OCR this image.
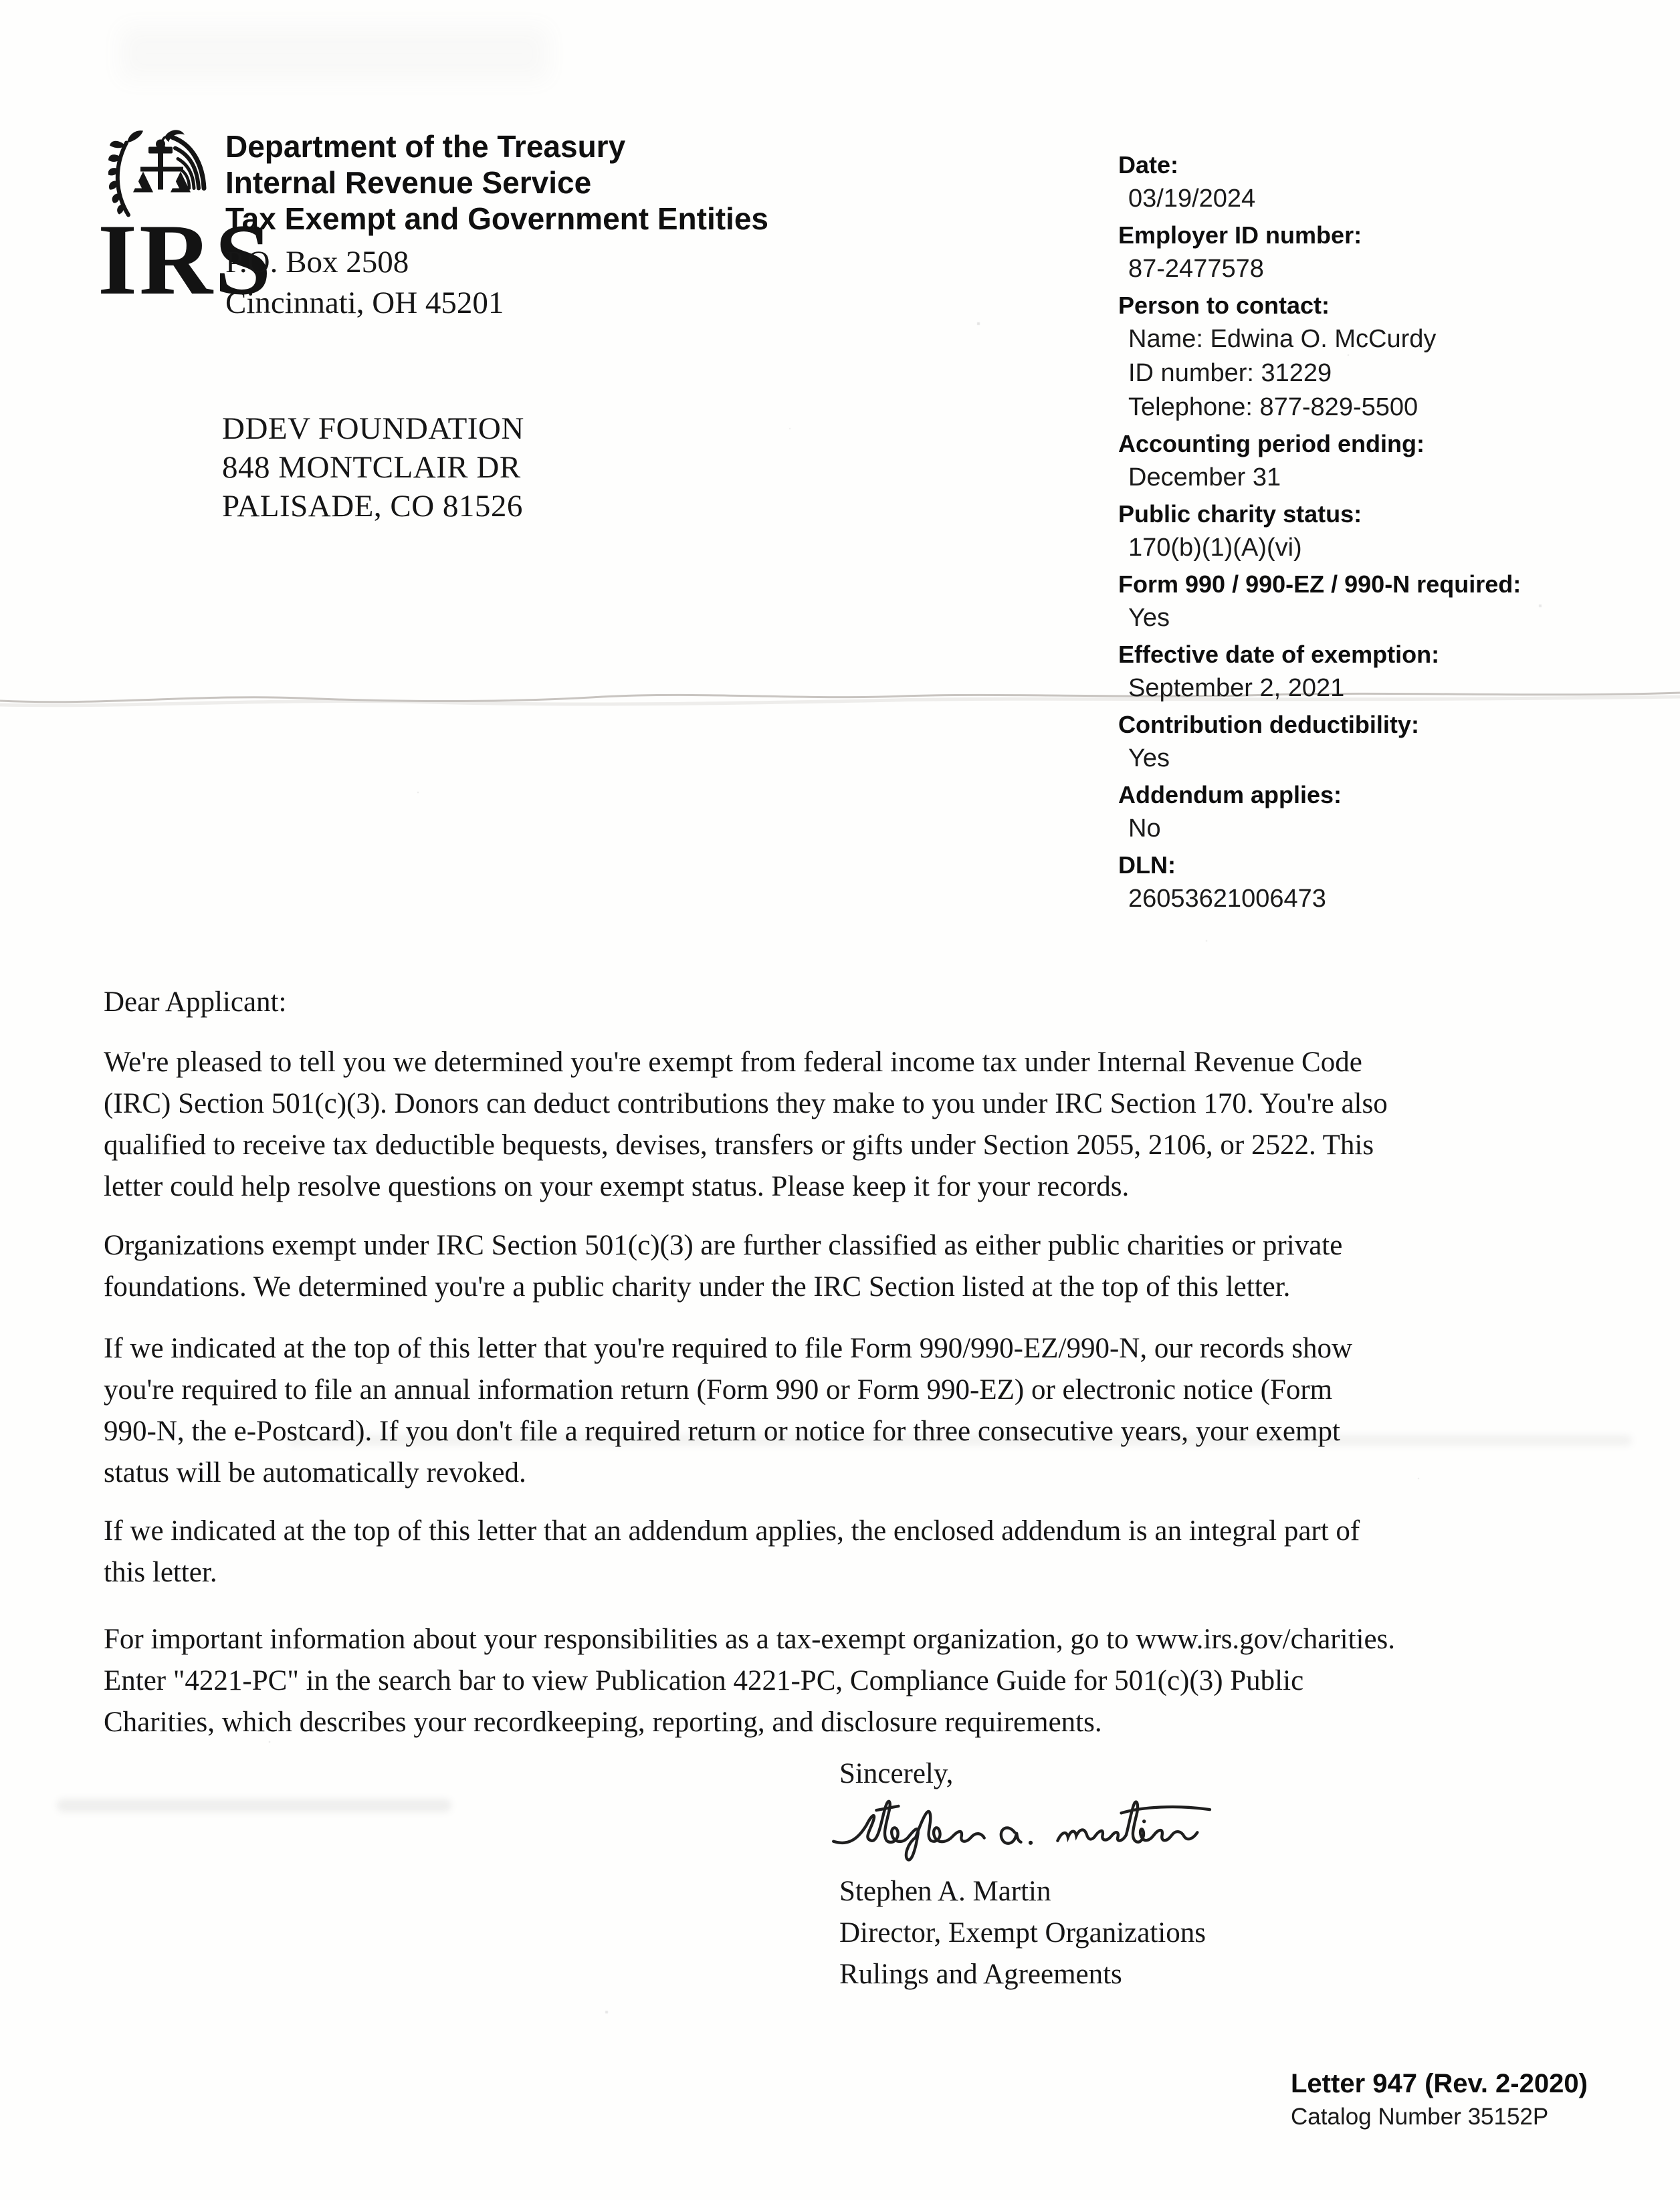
IRS
Department of the Treasury
Internal Revenue Service
Tax Exempt and Government Entities
P.O. Box 2508
Cincinnati, OH 45201
DDEV FOUNDATION
848 MONTCLAIR DR
PALISADE, CO 81526
Date:
03/19/2024
Employer ID number:
87-2477578
Person to contact:
Name: Edwina O. McCurdy
ID number: 31229
Telephone: 877-829-5500
Accounting period ending:
December 31
Public charity status:
170(b)(1)(A)(vi)
Form 990 / 990-EZ / 990-N required:
Yes
Effective date of exemption:
September 2, 2021
Contribution deductibility:
Yes
Addendum applies:
No
DLN:
26053621006473
Dear Applicant:
We're pleased to tell you we determined you're exempt from federal income tax under Internal Revenue Code
(IRC) Section 501(c)(3). Donors can deduct contributions they make to you under IRC Section 170. You're also
qualified to receive tax deductible bequests, devises, transfers or gifts under Section 2055, 2106, or 2522. This
letter could help resolve questions on your exempt status. Please keep it for your records.
Organizations exempt under IRC Section 501(c)(3) are further classified as either public charities or private
foundations. We determined you're a public charity under the IRC Section listed at the top of this letter.
If we indicated at the top of this letter that you're required to file Form 990/990-EZ/990-N, our records show
you're required to file an annual information return (Form 990 or Form 990-EZ) or electronic notice (Form
990-N, the e-Postcard). If you don't file a required return or notice for three consecutive years, your exempt
status will be automatically revoked.
If we indicated at the top of this letter that an addendum applies, the enclosed addendum is an integral part of
this letter.
For important information about your responsibilities as a tax-exempt organization, go to www.irs.gov/charities.
Enter "4221-PC" in the search bar to view Publication 4221-PC, Compliance Guide for 501(c)(3) Public
Charities, which describes your recordkeeping, reporting, and disclosure requirements.
Sincerely,
Stephen A. Martin
Director, Exempt Organizations
Rulings and Agreements
Letter 947 (Rev. 2-2020)
Catalog Number 35152P
